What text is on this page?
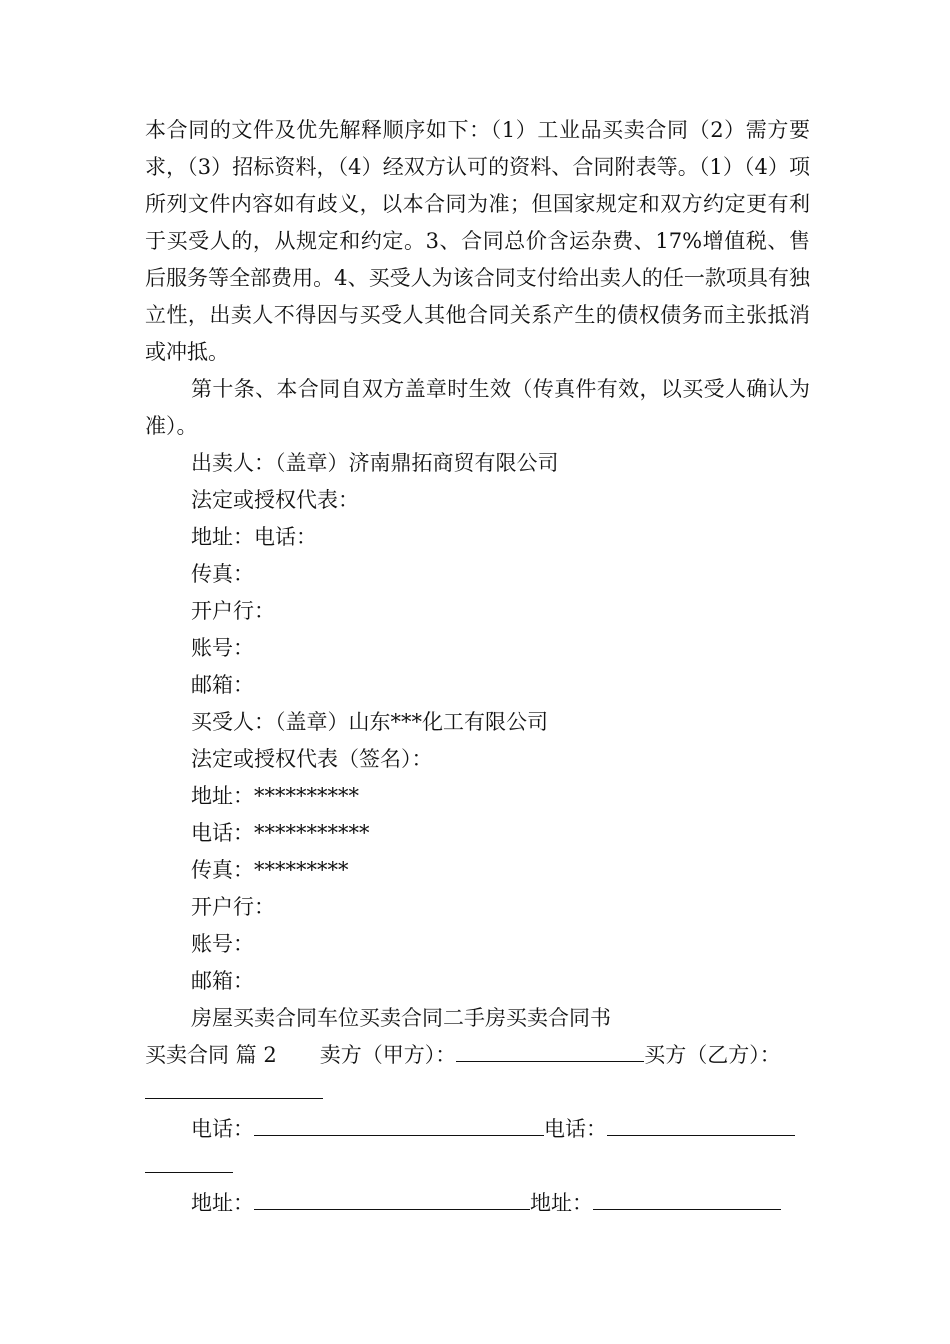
本合同的文件及优先解释顺序如下：（1）工业品买卖合同（2）需方要求，（3）招标资料，（4）经双方认可的资料、合同附表等。（1）（4）项所列文件内容如有歧义，以本合同为准；但国家规定和双方约定更有利于买受人的，从规定和约定。3、合同总价含运杂费、17%增值税、售后服务等全部费用。4、买受人为该合同支付给出卖人的任一款项具有独立性，出卖人不得因与买受人其他合同关系产生的债权债务而主张抵消或冲抵。

第十条、本合同自双方盖章时生效（传真件有效，以买受人确认为准）。

出卖人：（盖章）济南鼎拓商贸有限公司

法定或授权代表：

地址：电话：

传真：

开户行：

账号：

邮箱：

买受人：（盖章）山东***化工有限公司

法定或授权代表（签名）：

地址：**********

电话：***********

传真：*********

开户行：

账号：

邮箱：

房屋买卖合同车位买卖合同二手房买卖合同书

买卖合同 篇 2 卖方（甲方）：	买方（乙方）：

电话：	电话：

地址：	地址：
